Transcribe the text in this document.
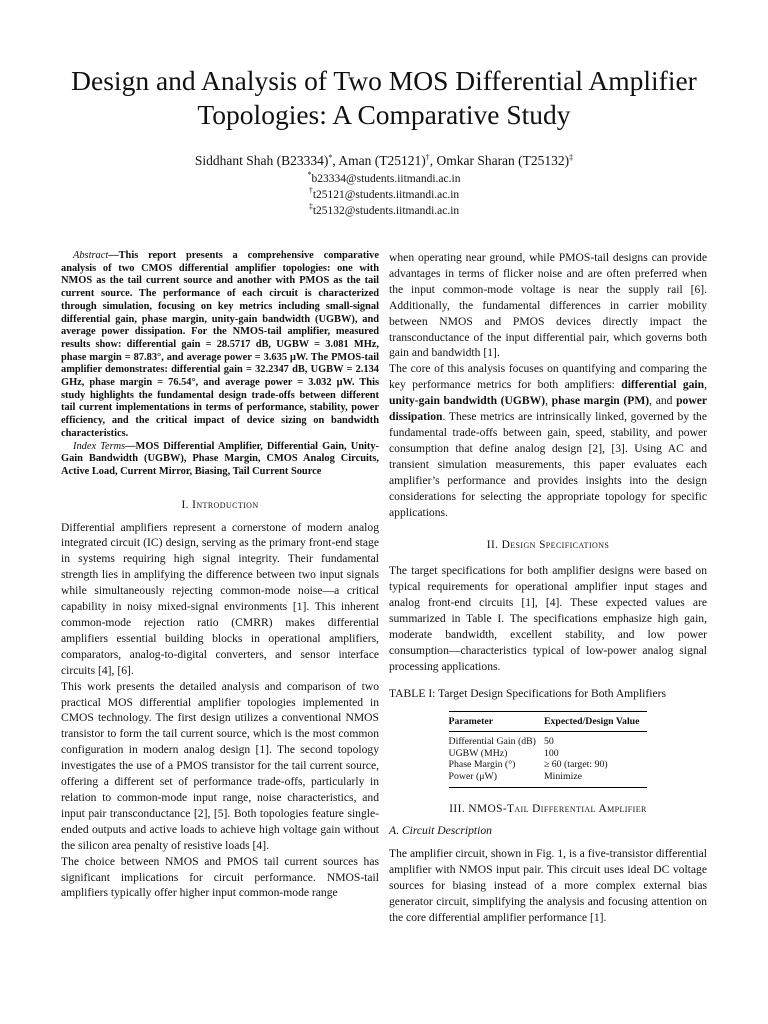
Design and Analysis of Two MOS Differential Amplifier Topologies: A Comparative Study
Siddhant Shah (B23334)*, Aman (T25121)†, Omkar Sharan (T25132)‡
*b23334@students.iitmandi.ac.in
†t25121@students.iitmandi.ac.in
‡t25132@students.iitmandi.ac.in

Abstract—This report presents a comprehensive comparative analysis of two CMOS differential amplifier topologies: one with NMOS as the tail current source and another with PMOS as the tail current source. The performance of each circuit is characterized through simulation, focusing on key metrics including small-signal differential gain, phase margin, unity-gain bandwidth (UGBW), and average power dissipation. For the NMOS-tail amplifier, measured results show: differential gain = 28.5717 dB, UGBW = 3.081 MHz, phase margin = 87.83°, and average power = 3.635 μW. The PMOS-tail amplifier demonstrates: differential gain = 32.2347 dB, UGBW = 2.134 GHz, phase margin = 76.54°, and average power = 3.032 μW. This study highlights the fundamental design trade-offs between different tail current implementations in terms of performance, stability, power efficiency, and the critical impact of device sizing on bandwidth characteristics.

Index Terms—MOS Differential Amplifier, Differential Gain, Unity-Gain Bandwidth (UGBW), Phase Margin, CMOS Analog Circuits, Active Load, Current Mirror, Biasing, Tail Current Source

I. Introduction

Differential amplifiers represent a cornerstone of modern analog integrated circuit (IC) design, serving as the primary front-end stage in systems requiring high signal integrity. Their fundamental strength lies in amplifying the difference between two input signals while simultaneously rejecting common-mode noise—a critical capability in noisy mixed-signal environments [1]. This inherent common-mode rejection ratio (CMRR) makes differential amplifiers essential building blocks in operational amplifiers, comparators, analog-to-digital converters, and sensor interface circuits [4], [6].

This work presents the detailed analysis and comparison of two practical MOS differential amplifier topologies implemented in CMOS technology. The first design utilizes a conventional NMOS transistor to form the tail current source, which is the most common configuration in modern analog design [1]. The second topology investigates the use of a PMOS transistor for the tail current source, offering a different set of performance trade-offs, particularly in relation to common-mode input range, noise characteristics, and input pair transconductance [2], [5]. Both topologies feature single-ended outputs and active loads to achieve high voltage gain without the silicon area penalty of resistive loads [4].

The choice between NMOS and PMOS tail current sources has significant implications for circuit performance. NMOS-tail amplifiers typically offer higher input common-mode range

when operating near ground, while PMOS-tail designs can provide advantages in terms of flicker noise and are often preferred when the input common-mode voltage is near the supply rail [6]. Additionally, the fundamental differences in carrier mobility between NMOS and PMOS devices directly impact the transconductance of the input differential pair, which governs both gain and bandwidth [1].

The core of this analysis focuses on quantifying and comparing the key performance metrics for both amplifiers: differential gain, unity-gain bandwidth (UGBW), phase margin (PM), and power dissipation. These metrics are intrinsically linked, governed by the fundamental trade-offs between gain, speed, stability, and power consumption that define analog design [2], [3]. Using AC and transient simulation measurements, this paper evaluates each amplifier’s performance and provides insights into the design considerations for selecting the appropriate topology for specific applications.

II. Design Specifications

The target specifications for both amplifier designs were based on typical requirements for operational amplifier input stages and analog front-end circuits [1], [4]. These expected values are summarized in Table I. The specifications emphasize high gain, moderate bandwidth, excellent stability, and low power consumption—characteristics typical of low-power analog signal processing applications.

TABLE I: Target Design Specifications for Both Amplifiers

Parameter	Expected/Design Value
Differential Gain (dB)	50
UGBW (MHz)	100
Phase Margin (°)	≥ 60 (target: 90)
Power (μW)	Minimize
III. NMOS-Tail Differential Amplifier

A. Circuit Description

The amplifier circuit, shown in Fig. 1, is a five-transistor differential amplifier with NMOS input pair. This circuit uses ideal DC voltage sources for biasing instead of a more complex external bias generator circuit, simplifying the analysis and focusing attention on the core differential amplifier performance [1].
